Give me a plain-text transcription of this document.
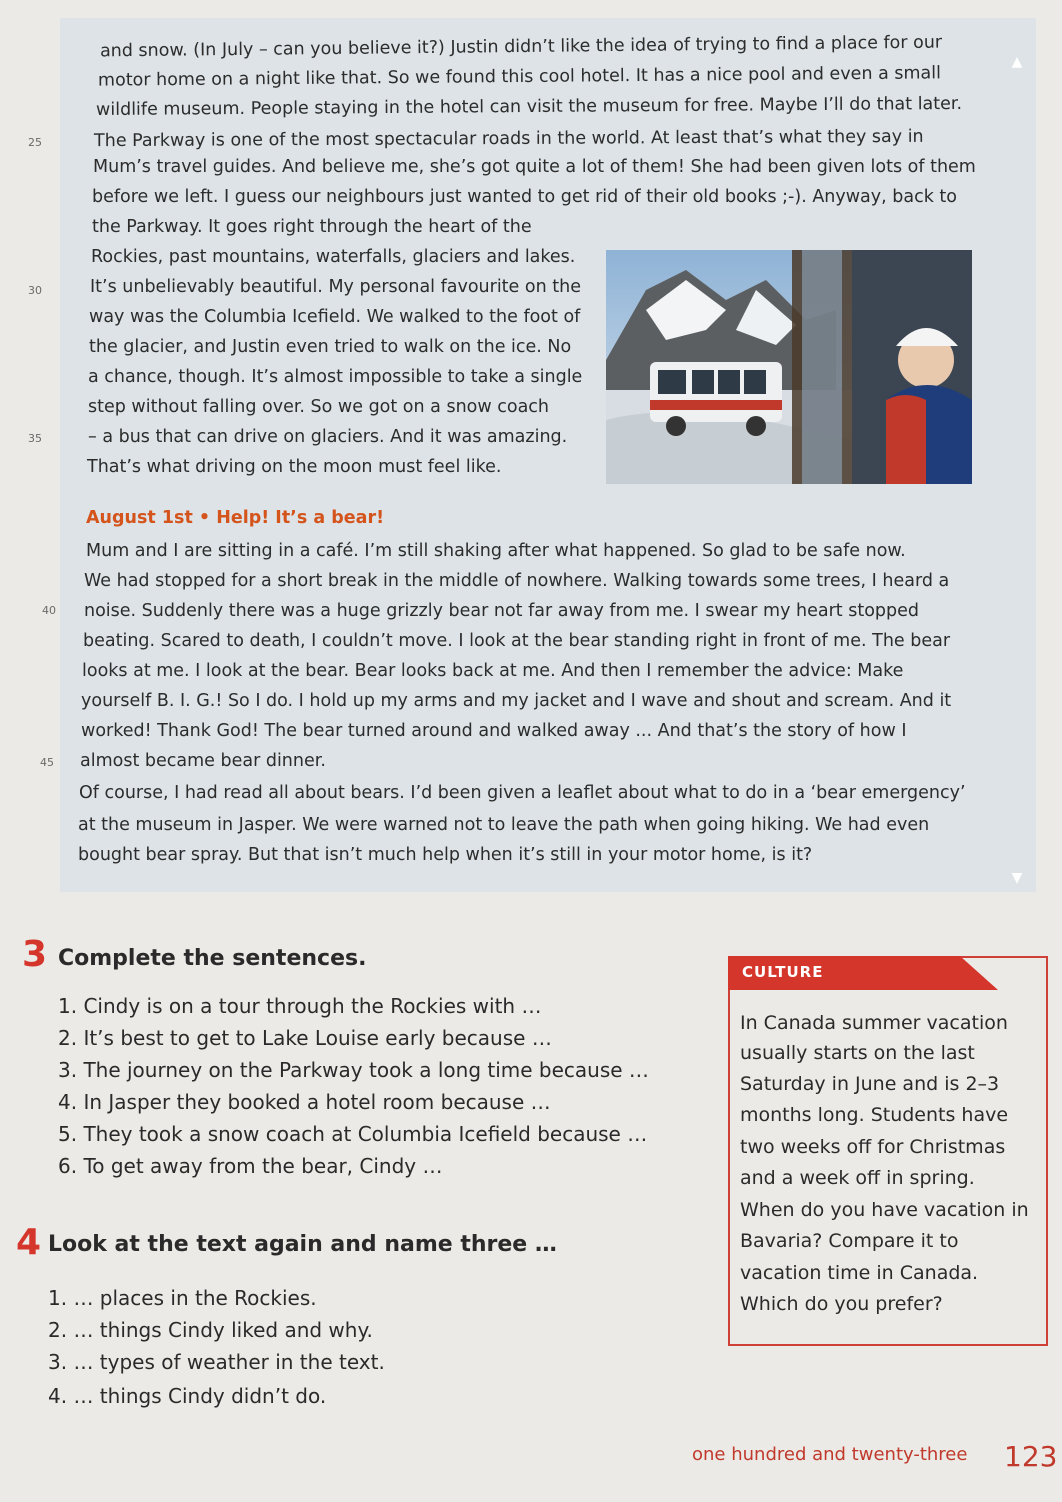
▲
▼
and snow. (In July – can you believe it?) Justin didn’t like the idea of trying to find a place for our
motor home on a night like that. So we found this cool hotel. It has a nice pool and even a small
wildlife museum. People staying in the hotel can visit the museum for free. Maybe I’ll do that later.
The Parkway is one of the most spectacular roads in the world. At least that’s what they say in
Mum’s travel guides. And believe me, she’s got quite a lot of them! She had been given lots of them
before we left. I guess our neighbours just wanted to get rid of their old books ;-). Anyway, back to
the Parkway. It goes right through the heart of the
Rockies, past mountains, waterfalls, glaciers and lakes.
It’s unbelievably beautiful. My personal favourite on the
way was the Columbia Icefield. We walked to the foot of
the glacier, and Justin even tried to walk on the ice. No
a chance, though. It’s almost impossible to take a single
step without falling over. So we got on a snow coach
– a bus that can drive on glaciers. And it was amazing.
That’s what driving on the moon must feel like.
25
30
35
40
45
August 1st • Help! It’s a bear!
Mum and I are sitting in a café. I’m still shaking after what happened. So glad to be safe now.
We had stopped for a short break in the middle of nowhere. Walking towards some trees, I heard a
noise. Suddenly there was a huge grizzly bear not far away from me. I swear my heart stopped
beating. Scared to death, I couldn’t move. I look at the bear standing right in front of me. The bear
looks at me. I look at the bear. Bear looks back at me. And then I remember the advice: Make
yourself B. I. G.! So I do. I hold up my arms and my jacket and I wave and shout and scream. And it
worked! Thank God! The bear turned around and walked away ... And that’s the story of how I
almost became bear dinner.
Of course, I had read all about bears. I’d been given a leaflet about what to do in a ‘bear emergency’
at the museum in Jasper. We were warned not to leave the path when going hiking. We had even
bought bear spray. But that isn’t much help when it’s still in your motor home, is it?
3 Complete the sentences.
1. Cindy is on a tour through the Rockies with …
2. It’s best to get to Lake Louise early because …
3. The journey on the Parkway took a long time because …
4. In Jasper they booked a hotel room because …
5. They took a snow coach at Columbia Icefield because …
6. To get away from the bear, Cindy …
4 Look at the text again and name three …
1. … places in the Rockies.
2. … things Cindy liked and why.
3. … types of weather in the text.
4. … things Cindy didn’t do.
CULTURE
In Canada summer vacation
usually starts on the last
Saturday in June and is 2–3
months long. Students have
two weeks off for Christmas
and a week off in spring.
When do you have vacation in
Bavaria? Compare it to
vacation time in Canada.
Which do you prefer?
one hundred and twenty-three 123
